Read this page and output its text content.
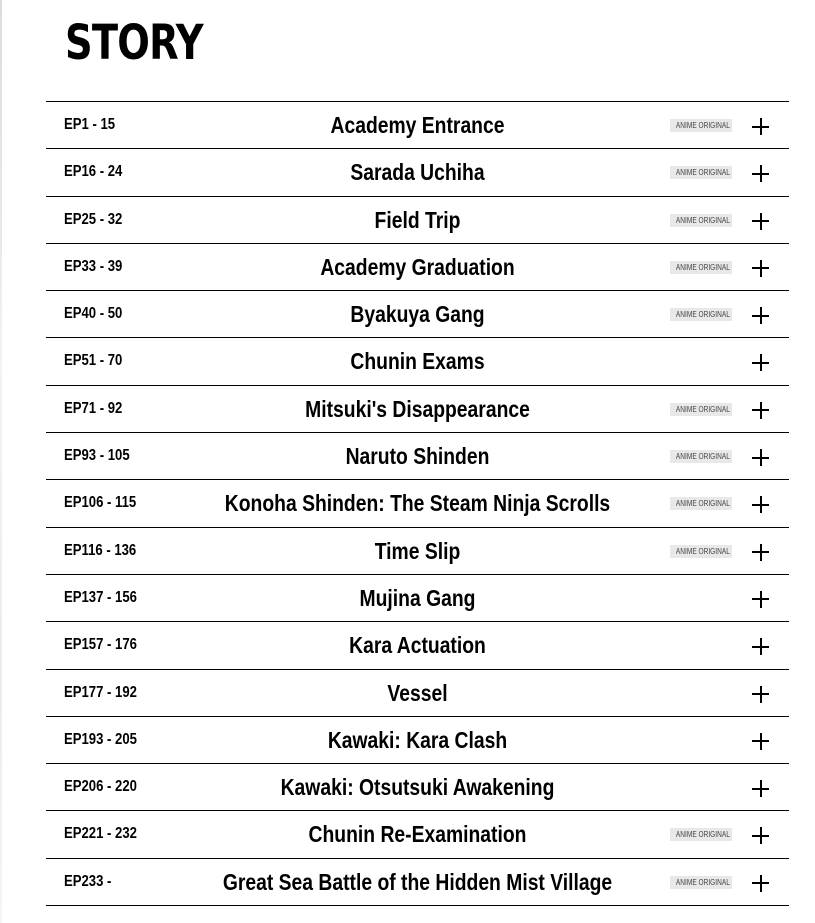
STORY
EP1 - 15	Academy Entrance	ANIME ORIGINAL
EP16 - 24	Sarada Uchiha	ANIME ORIGINAL
EP25 - 32	Field Trip	ANIME ORIGINAL
EP33 - 39	Academy Graduation	ANIME ORIGINAL
EP40 - 50	Byakuya Gang	ANIME ORIGINAL
EP51 - 70	Chunin Exams
EP71 - 92	Mitsuki's Disappearance	ANIME ORIGINAL
EP93 - 105	Naruto Shinden	ANIME ORIGINAL
EP106 - 115	Konoha Shinden: The Steam Ninja Scrolls	ANIME ORIGINAL
EP116 - 136	Time Slip	ANIME ORIGINAL
EP137 - 156	Mujina Gang
EP157 - 176	Kara Actuation
EP177 - 192	Vessel
EP193 - 205	Kawaki: Kara Clash
EP206 - 220	Kawaki: Otsutsuki Awakening
EP221 - 232	Chunin Re-Examination	ANIME ORIGINAL
EP233 -	Great Sea Battle of the Hidden Mist Village	ANIME ORIGINAL
